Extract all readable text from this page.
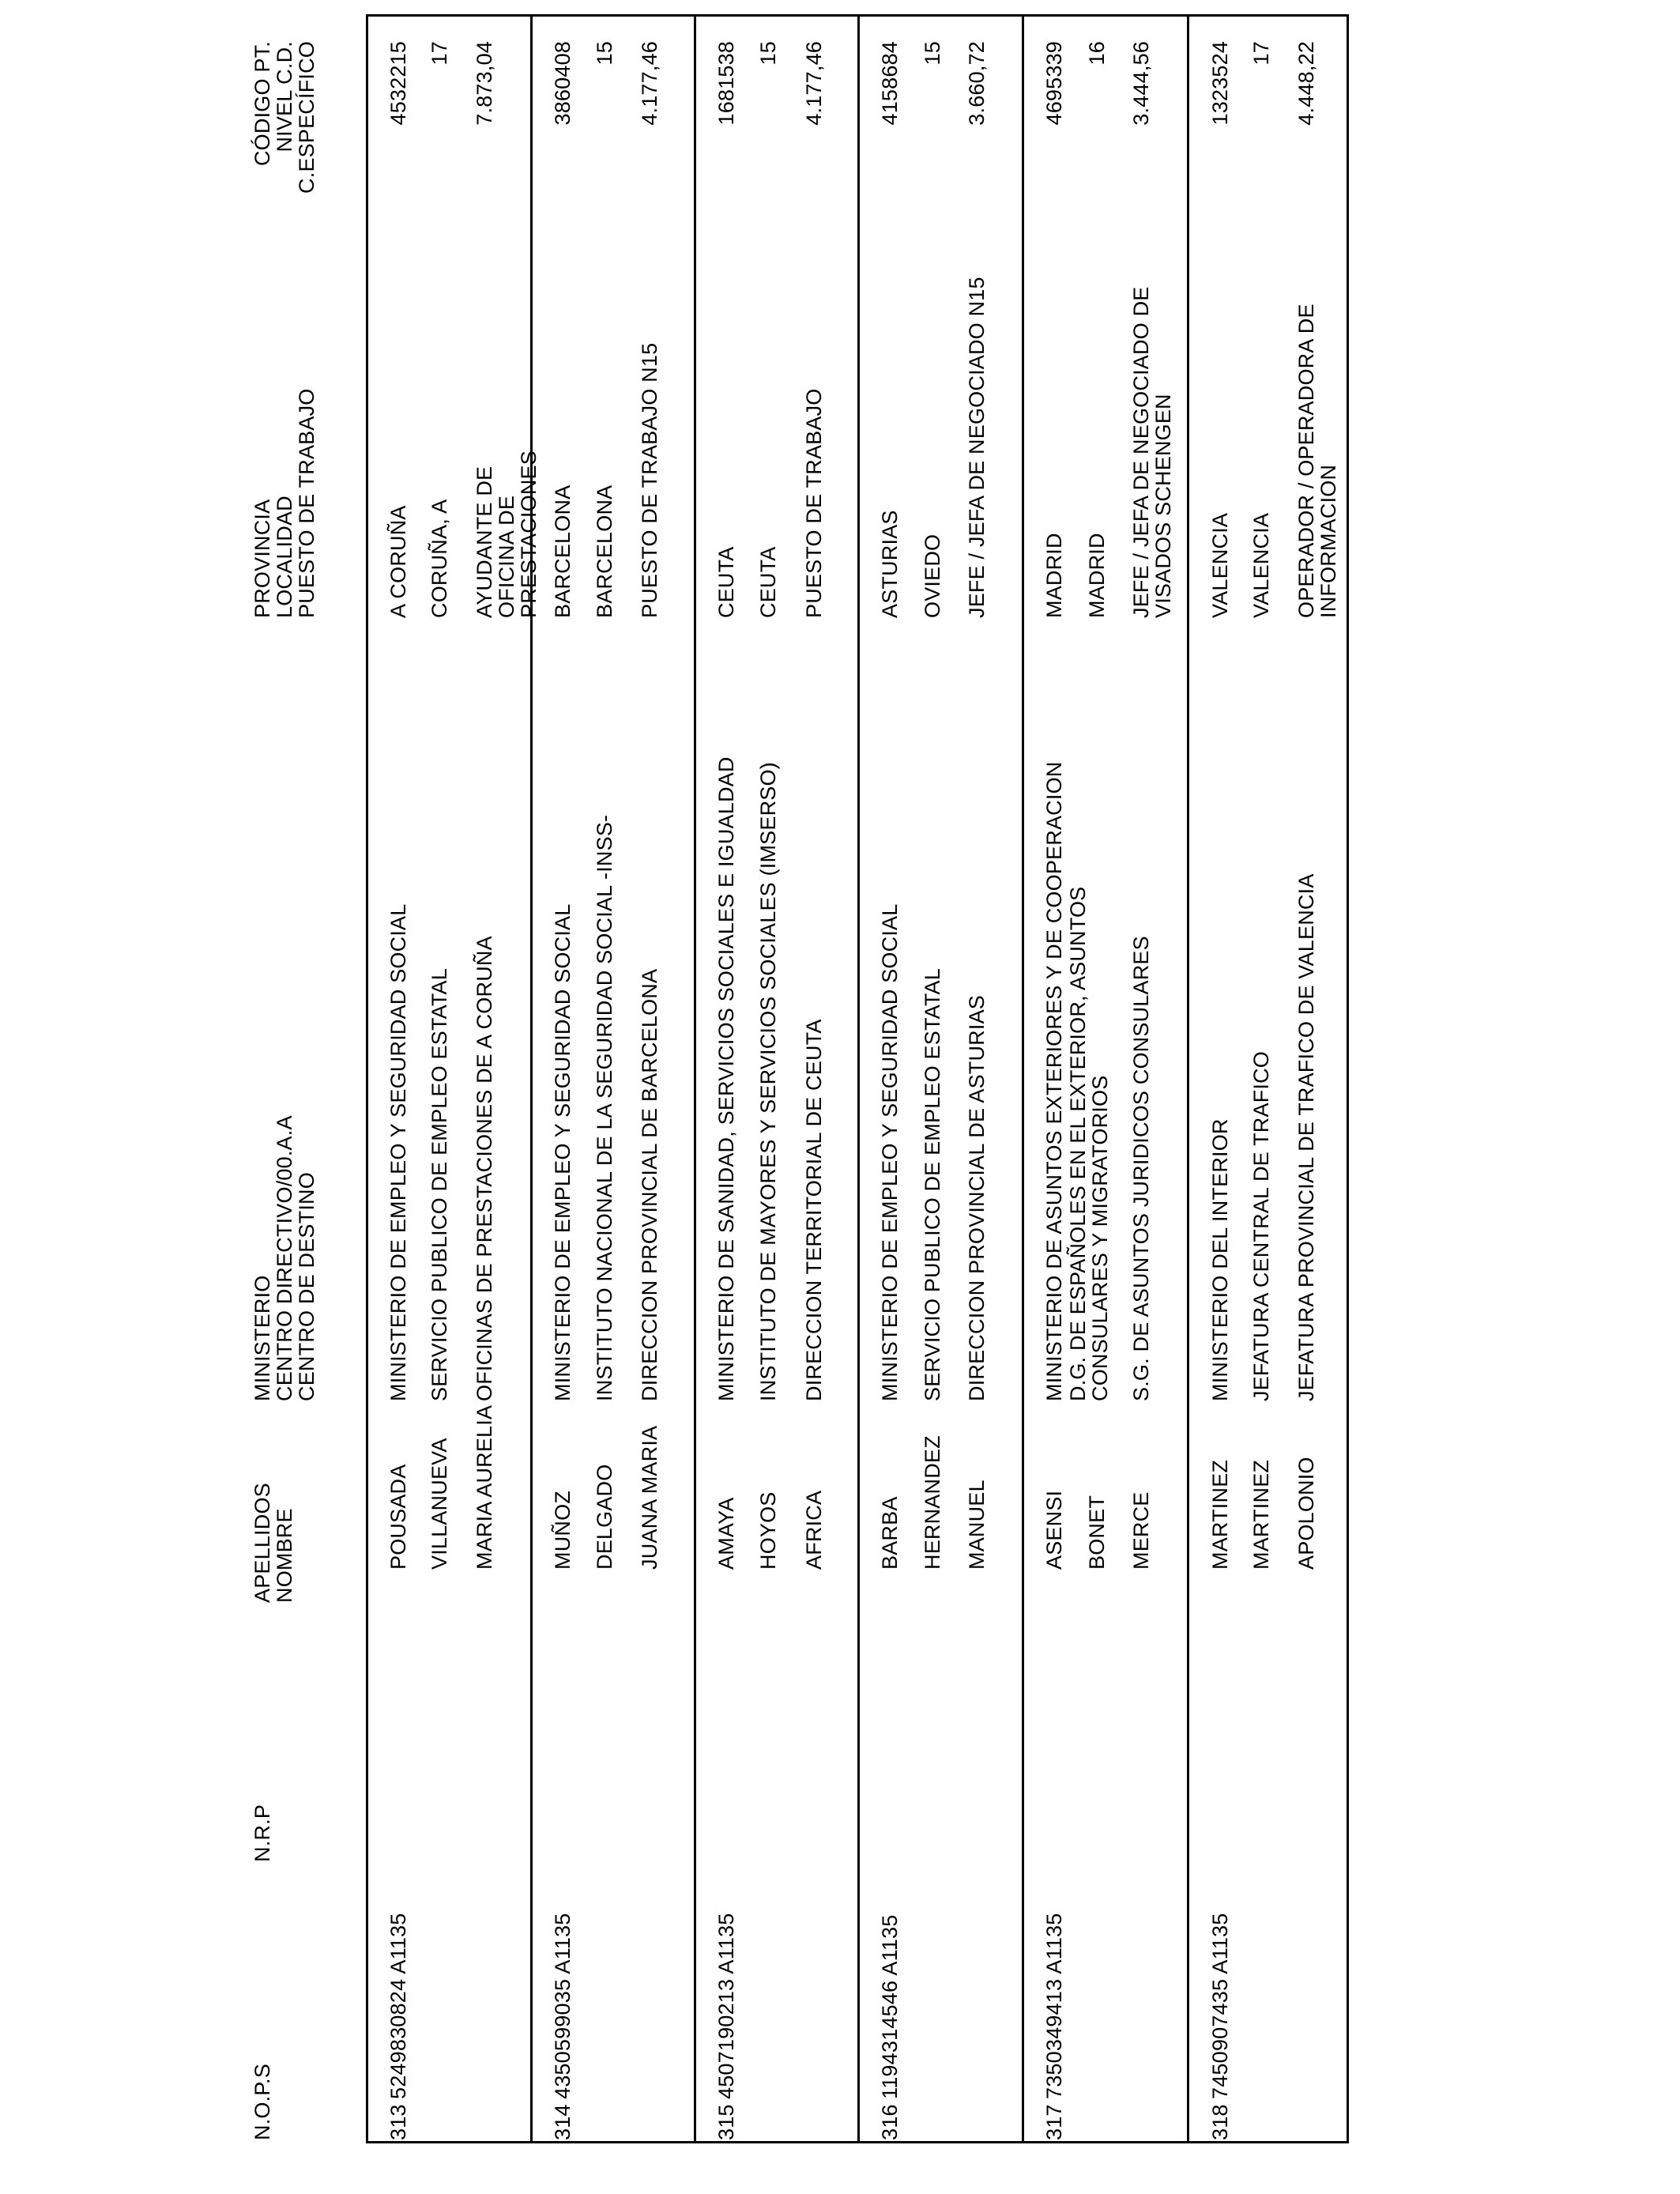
N.O.P.S
N.R.P
APELLIDOS
NOMBRE
MINISTERIO
CENTRO DIRECTIVO/00.A.A
CENTRO DE DESTINO
PROVINCIA
LOCALIDAD
PUESTO DE TRABAJO
CÓDIGO PT.
NIVEL C.D.
C.ESPECÍFICO
313
5249830824 A1135
POUSADA VILLANUEVA MARIA AURELIA
MINISTERIO DE EMPLEO Y SEGURIDAD SOCIAL SERVICIO PUBLICO DE EMPLEO ESTATAL OFICINAS DE PRESTACIONES DE A CORUÑA
A CORUÑA CORUÑA, A AYUDANTE DE OFICINA DE PRESTACIONES
4532215 17 7.873,04
314
4350599035 A1135
MUÑOZ DELGADO JUANA MARIA
MINISTERIO DE EMPLEO Y SEGURIDAD SOCIAL INSTITUTO NACIONAL DE LA SEGURIDAD SOCIAL -INSS- DIRECCION PROVINCIAL DE BARCELONA
BARCELONA BARCELONA PUESTO DE TRABAJO N15
3860408 15 4.177,46
315
4507190213 A1135
AMAYA HOYOS AFRICA
MINISTERIO DE SANIDAD, SERVICIOS SOCIALES E IGUALDAD INSTITUTO DE MAYORES Y SERVICIOS SOCIALES (IMSERSO) DIRECCION TERRITORIAL DE CEUTA
CEUTA CEUTA PUESTO DE TRABAJO
1681538 15 4.177,46
316
1194314546 A1135
BARBA HERNANDEZ MANUEL
MINISTERIO DE EMPLEO Y SEGURIDAD SOCIAL SERVICIO PUBLICO DE EMPLEO ESTATAL DIRECCION PROVINCIAL DE ASTURIAS
ASTURIAS OVIEDO JEFE / JEFA DE NEGOCIADO N15
4158684 15 3.660,72
317
7350349413 A1135
ASENSI BONET MERCE
MINISTERIO DE ASUNTOS EXTERIORES Y DE COOPERACION D.G. DE ESPAÑOLES EN EL EXTERIOR, ASUNTOS CONSULARES Y MIGRATORIOS S.G. DE ASUNTOS JURIDICOS CONSULARES
MADRID MADRID JEFE / JEFA DE NEGOCIADO DE VISADOS SCHENGEN
4695339 16 3.444,56
318
7450907435 A1135
MARTINEZ MARTINEZ APOLONIO
MINISTERIO DEL INTERIOR JEFATURA CENTRAL DE TRAFICO JEFATURA PROVINCIAL DE TRAFICO DE VALENCIA
VALENCIA VALENCIA OPERADOR / OPERADORA DE INFORMACION
1323524 17 4.448,22
